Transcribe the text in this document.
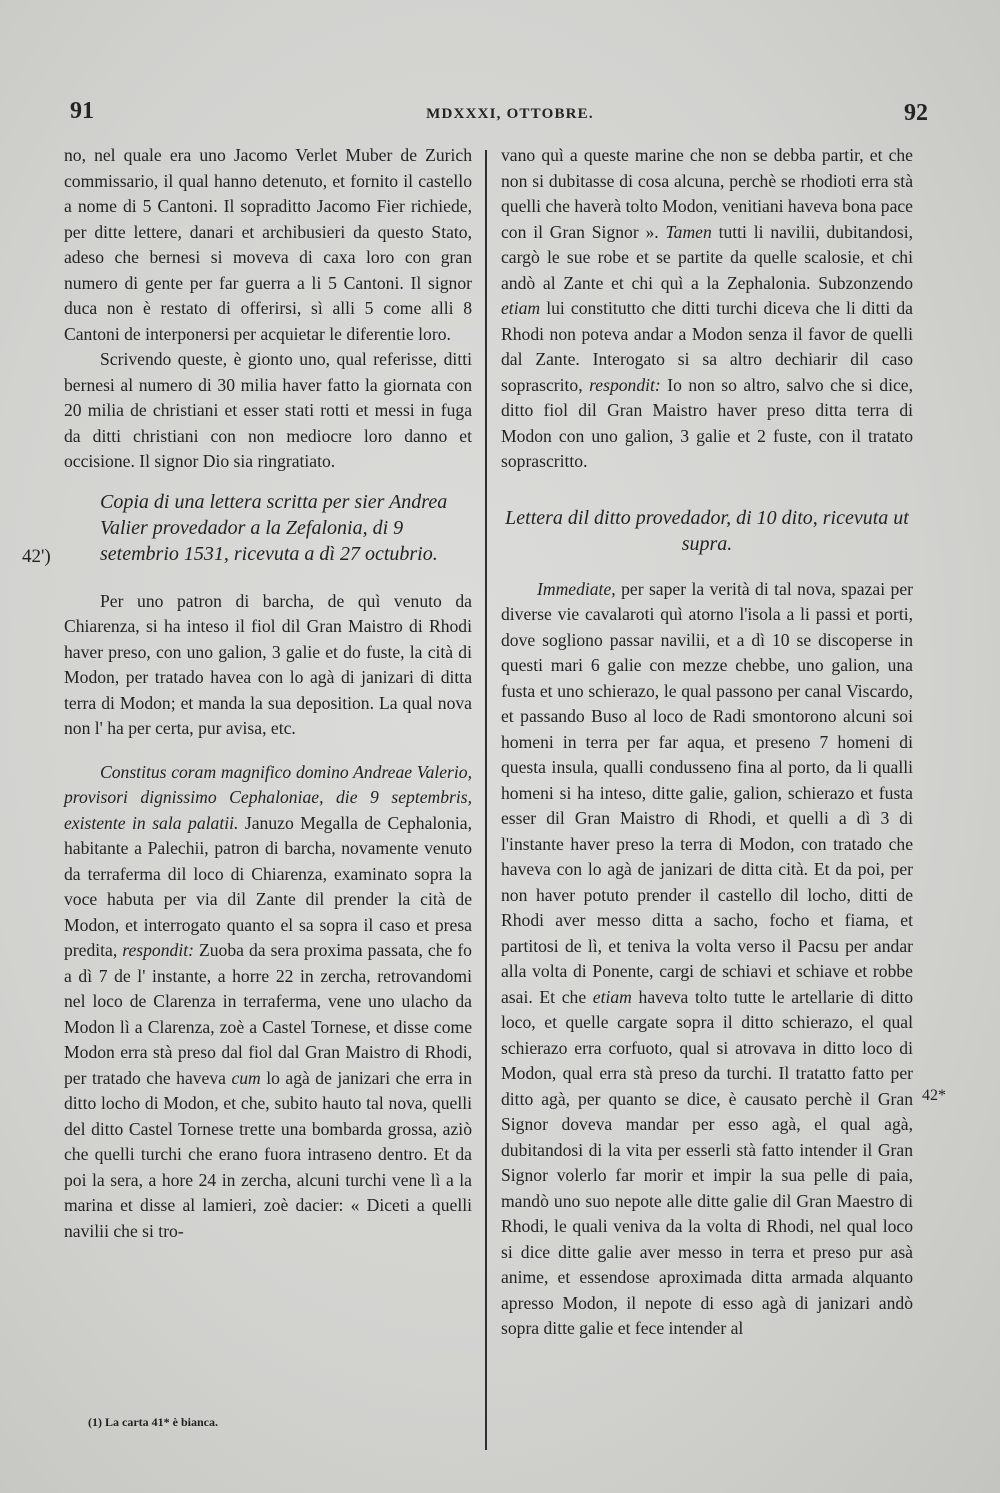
91	MDXXXI, OTTOBRE.	92
42')
42*

no, nel quale era uno Jacomo Verlet Muber de Zurich commissario, il qual hanno detenuto, et fornito il castello a nome di 5 Cantoni. Il sopraditto Jacomo Fier richiede, per ditte lettere, danari et archibusieri da questo Stato, adeso che bernesi si moveva di caxa loro con gran numero di gente per far guerra a li 5 Cantoni. Il signor duca non è restato di offerirsi, sì alli 5 come alli 8 Cantoni de interponersi per acquietar le diferentie loro.

Scrivendo queste, è gionto uno, qual referisse, ditti bernesi al numero di 30 milia haver fatto la giornata con 20 milia de christiani et esser stati rotti et messi in fuga da ditti christiani con non mediocre loro danno et occisione. Il signor Dio sia ringratiato.

Copia di una lettera scritta per sier Andrea Valier provedador a la Zefalonia, di 9 setembrio 1531, ricevuta a dì 27 octubrio.

Per uno patron di barcha, de quì venuto da Chiarenza, si ha inteso il fiol dil Gran Maistro di Rhodi haver preso, con uno galion, 3 galie et do fuste, la cità di Modon, per tratado havea con lo agà di janizari di ditta terra di Modon; et manda la sua deposition. La qual nova non l' ha per certa, pur avisa, etc.

Constitus coram magnifico domino Andreae Valerio, provisori dignissimo Cephaloniae, die 9 septembris, existente in sala palatii. Januzo Megalla de Cephalonia, habitante a Palechii, patron di barcha, novamente venuto da terraferma dil loco di Chiarenza, examinato sopra la voce habuta per via dil Zante dil prender la cità de Modon, et interrogato quanto el sa sopra il caso et presa predita, respondit: Zuoba da sera proxima passata, che fo a dì 7 de l' instante, a horre 22 in zercha, retrovandomi nel loco de Clarenza in terraferma, vene uno ulacho da Modon lì a Clarenza, zoè a Castel Tornese, et disse come Modon erra stà preso dal fiol dal Gran Maistro di Rhodi, per tratado che haveva cum lo agà de janizari che erra in ditto locho di Modon, et che, subito hauto tal nova, quelli del ditto Castel Tornese trette una bombarda grossa, aziò che quelli turchi che erano fuora intraseno dentro. Et da poi la sera, a hore 24 in zercha, alcuni turchi vene lì a la marina et disse al lamieri, zoè dacier: « Diceti a quelli navilii che si tro-

vano quì a queste marine che non se debba partir, et che non si dubitasse di cosa alcuna, perchè se rhodioti erra stà quelli che haverà tolto Modon, venitiani haveva bona pace con il Gran Signor ». Tamen tutti li navilii, dubitandosi, cargò le sue robe et se partite da quelle scalosie, et chi andò al Zante et chi quì a la Zephalonia. Subzonzendo etiam lui constitutto che ditti turchi diceva che li ditti da Rhodi non poteva andar a Modon senza il favor de quelli dal Zante. Interogato si sa altro dechiarir dil caso soprascrito, respondit: Io non so altro, salvo che si dice, ditto fiol dil Gran Maistro haver preso ditta terra di Modon con uno galion, 3 galie et 2 fuste, con il tratato soprascritto.

Lettera dil ditto provedador, di 10 dito, ricevuta ut supra.

Immediate, per saper la verità di tal nova, spazai per diverse vie cavalaroti quì atorno l'isola a li passi et porti, dove sogliono passar navilii, et a dì 10 se discoperse in questi mari 6 galie con mezze chebbe, uno galion, una fusta et uno schierazo, le qual passono per canal Viscardo, et passando Buso al loco de Radi smontorono alcuni soi homeni in terra per far aqua, et preseno 7 homeni di questa insula, qualli condusseno fina al porto, da li qualli homeni si ha inteso, ditte galie, galion, schierazo et fusta esser dil Gran Maistro di Rhodi, et quelli a dì 3 di l'instante haver preso la terra di Modon, con tratado che haveva con lo agà de janizari de ditta cità. Et da poi, per non haver potuto prender il castello dil locho, ditti de Rhodi aver messo ditta a sacho, focho et fiama, et partitosi de lì, et teniva la volta verso il Pacsu per andar alla volta di Ponente, cargi de schiavi et schiave et robbe asai. Et che etiam haveva tolto tutte le artellarie di ditto loco, et quelle cargate sopra il ditto schierazo, el qual schierazo erra corfuoto, qual si atrovava in ditto loco di Modon, qual erra stà preso da turchi. Il tratatto fatto per ditto agà, per quanto se dice, è causato perchè il Gran Signor doveva mandar per esso agà, el qual agà, dubitandosi di la vita per esserli stà fatto intender il Gran Signor volerlo far morir et impir la sua pelle di paia, mandò uno suo nepote alle ditte galie dil Gran Maestro di Rhodi, le quali veniva da la volta di Rhodi, nel qual loco si dice ditte galie aver messo in terra et preso pur asà anime, et essendose aproximada ditta armada alquanto apresso Modon, il nepote di esso agà di janizari andò sopra ditte galie et fece intender al

(1) La carta 41* è bianca.
